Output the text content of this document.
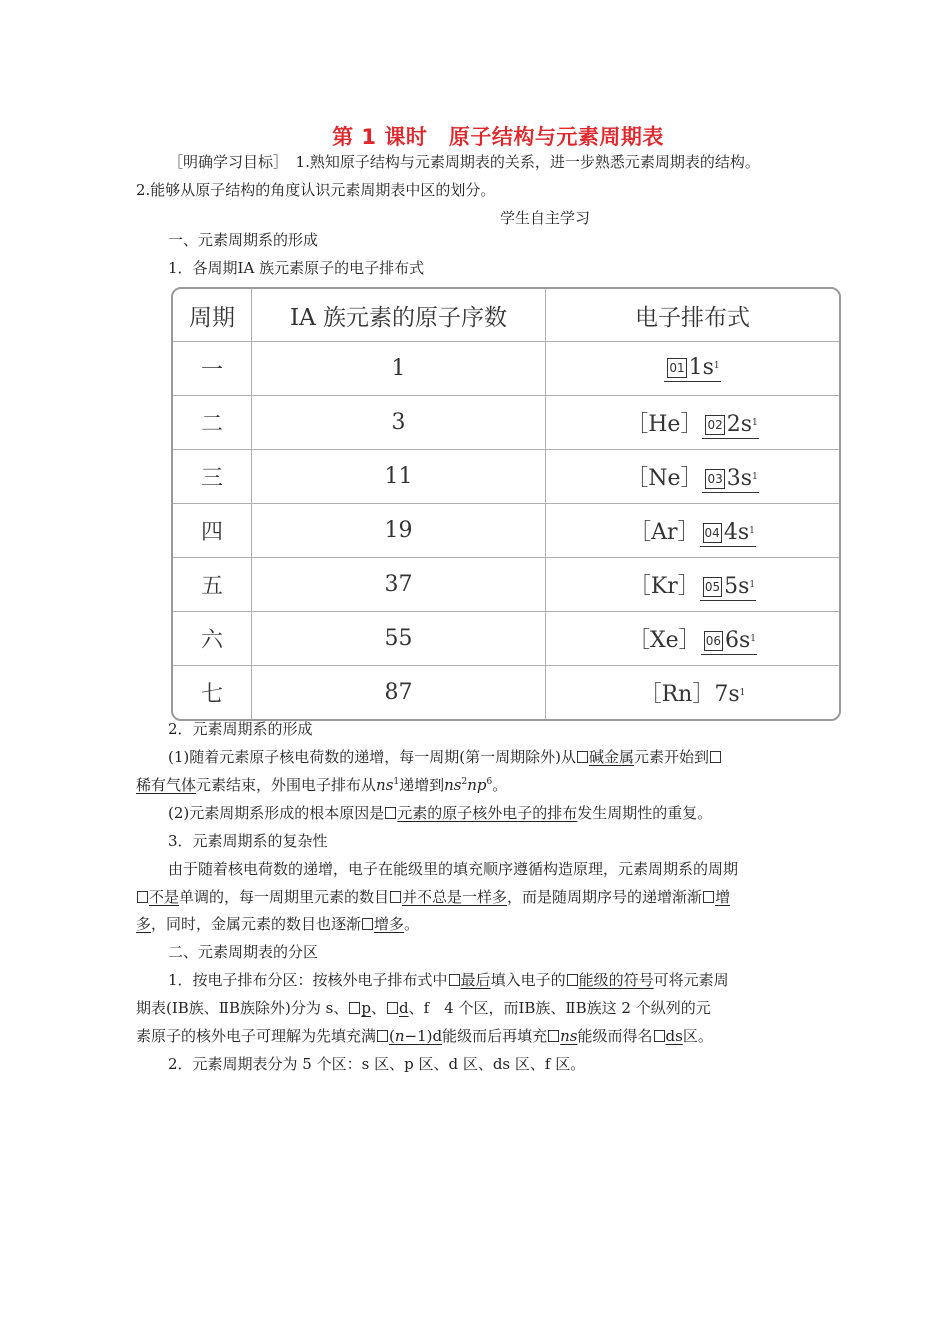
第 1 课时　原子结构与元素周期表
［明确学习目标］　 1.熟知原子结构与元素周期表的关系，进一步熟悉元素周期表的结构。
2.能够从原子结构的角度认识元素周期表中区的划分。
学生自主学习
一、元素周期系的形成
1．各周期ⅠA 族元素原子的电子排布式
周期	ⅠA 族元素的原子序数	电子排布式
一	1	01 $1s^1$
二	3	［He］ 02 $2s^1$
三	11	［Ne］ 03 $3s^1$
四	19	［Ar］ 04 $4s^1$
五	37	［Kr］ 05 $5s^1$
六	55	［Xe］ 06 $6s^1$
七	87	$[Rn]7s^1$
2．元素周期系的形成
(1)随着元素原子核电荷数的递增，每一周期(第一周期除外)从 碱金属元素开始到
稀有气体元素结束，外围电子排布从$ns^1$递增到$ns^2np^6$。
(2)元素周期系形成的根本原因是 元素的原子核外电子的排布发生周期性的重复。
3．元素周期系的复杂性
由于随着核电荷数的递增，电子在能级里的填充顺序遵循构造原理，元素周期系的周期
不是单调的，每一周期里元素的数目 并不总是一样多，而是随周期序号的递增渐渐 增
多，同时，金属元素的数目也逐渐 增多。
二、元素周期表的分区
1．按电子排布分区：按核外电子排布式中 最后填入电子的 能级的符号可将元素周
期表(ⅠB族、ⅡB族除外)分为 s、 p、 d、f　4 个区，而ⅠB族、ⅡB族这 2 个纵列的元
素原子的核外电子可理解为先填充满 (n−1)d能级而后再填充 ns能级而得名 ds区。
2．元素周期表分为 5 个区：s 区、p 区、d 区、ds 区、f 区。
